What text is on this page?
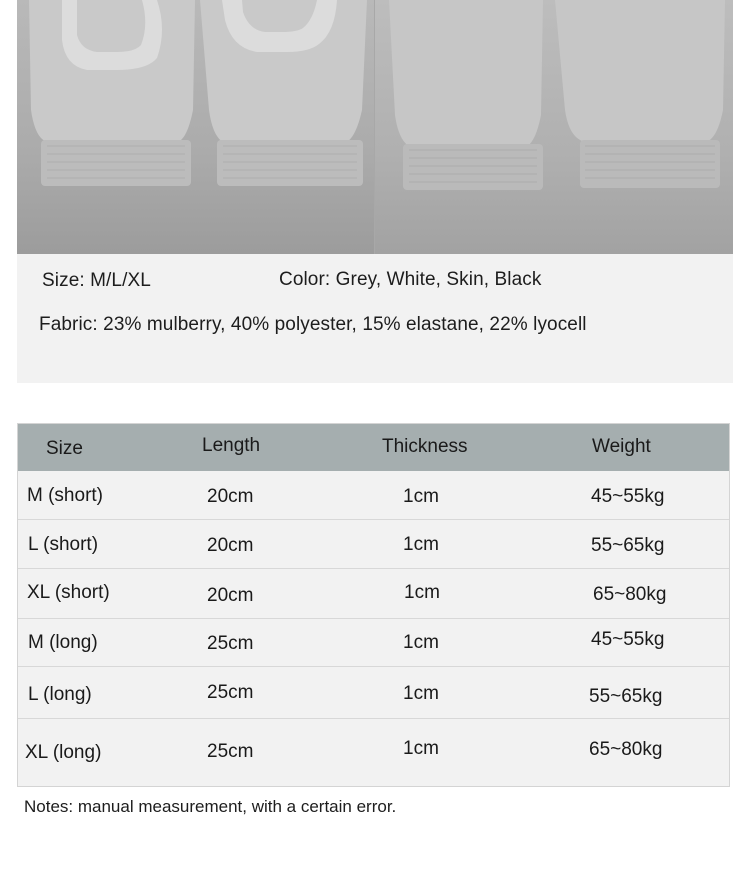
Size: M/L/XL	Color: Grey, White, Skin, Black
Fabric: 23% mulberry, 40% polyester, 15% elastane, 22% lyocell
Size	Length	Thickness	Weight
M (short)	20cm	1cm	45~55kg
L (short)	20cm	1cm	55~65kg
XL (short)	20cm	1cm	65~80kg
M (long)	25cm	1cm	45~55kg
L (long)	25cm	1cm	55~65kg
XL (long)	25cm	1cm	65~80kg
Notes: manual measurement, with a certain error.
